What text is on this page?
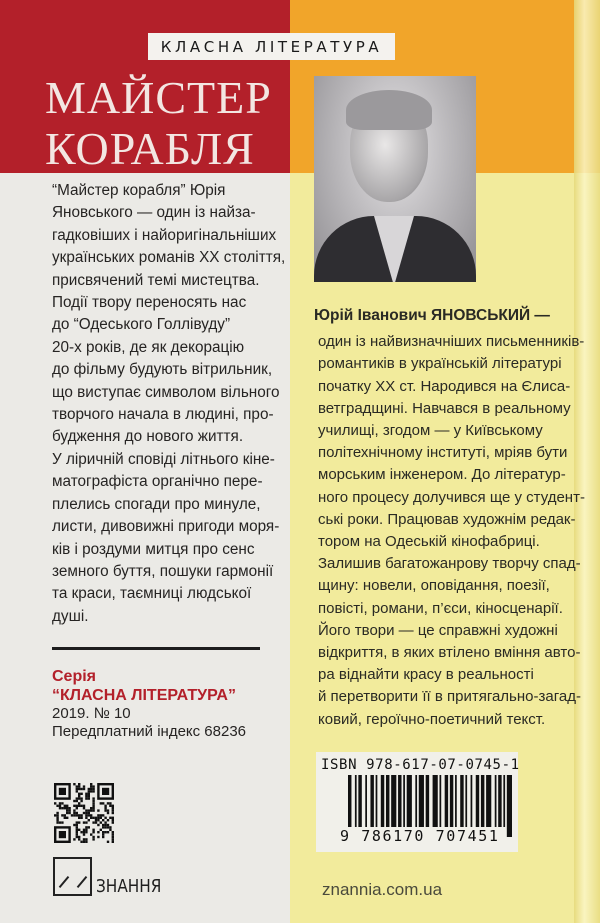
КЛАСНА ЛІТЕРАТУРА
МАЙСТЕР
КОРАБЛЯ
“Майстер корабля” Юрія
Яновського — один із найза-
гадковіших і найоригінальніших
українських романів XX століття,
присвячений темі мистецтва.
Події твору переносять нас
до “Одеського Голлівуду”
20-х років, де як декорацію
до фільму будують вітрильник,
що виступає символом вільного
творчого начала в людині, про-
будження до нового життя.
У ліричній сповіді літнього кіне-
матографіста органічно пере-
плелись спогади про минуле,
листи, дивовижні пригоди моря-
ків і роздуми митця про сенс
земного буття, пошуки гармонії
та краси, таємниці людської
душі.
Серія
“КЛАСНА ЛІТЕРАТУРА”
2019. № 10
Передплатний індекс 68236
ЗНАННЯ
Юрій Іванович ЯНОВСЬКИЙ —
один із найвизначніших письменників-
романтиків в українській літературі
початку XX ст. Народився на Єлиса-
ветградщині. Навчався в реальному
училищі, згодом — у Київському
політехнічному інституті, мріяв бути
морським інженером. До літератур-
ного процесу долучився ще у студент-
ські роки. Працював художнім редак-
тором на Одеській кінофабриці.
Залишив багатожанрову творчу спад-
щину: новели, оповідання, поезії,
повісті, романи, п’єси, кіносценарії.
Його твори — це справжні художні
відкриття, в яких втілено вміння авто-
ра віднайти красу в реальності
й перетворити її в притягально-загад-
ковий, героїчно-поетичний текст.
ISBN 978-617-07-0745-1
9 786170 707451
znannia.com.ua
